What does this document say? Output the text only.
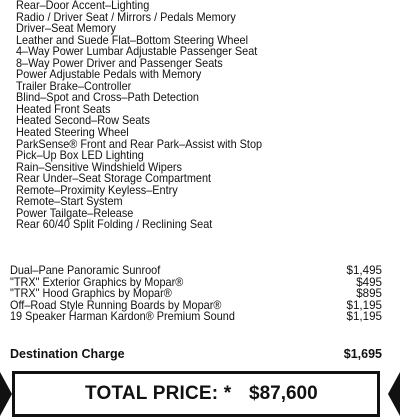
Rear–Door Accent–Lighting
Radio / Driver Seat / Mirrors / Pedals Memory
Driver–Seat Memory
Leather and Suede Flat–Bottom Steering Wheel
4–Way Power Lumbar Adjustable Passenger Seat
8–Way Power Driver and Passenger Seats
Power Adjustable Pedals with Memory
Trailer Brake–Controller
Blind–Spot and Cross–Path Detection
Heated Front Seats
Heated Second–Row Seats
Heated Steering Wheel
ParkSense® Front and Rear Park–Assist with Stop
Pick–Up Box LED Lighting
Rain–Sensitive Windshield Wipers
Rear Under–Seat Storage Compartment
Remote–Proximity Keyless–Entry
Remote–Start System
Power Tailgate–Release
Rear 60/40 Split Folding / Reclining Seat
Dual–Pane Panoramic Sunroof	$1,495
"TRX" Exterior Graphics by Mopar®	$495
"TRX" Hood Graphics by Mopar®	$895
Off–Road Style Running Boards by Mopar®	$1,195
19 Speaker Harman Kardon® Premium Sound	$1,195
Destination Charge	$1,695
TOTAL PRICE: * $87,600
